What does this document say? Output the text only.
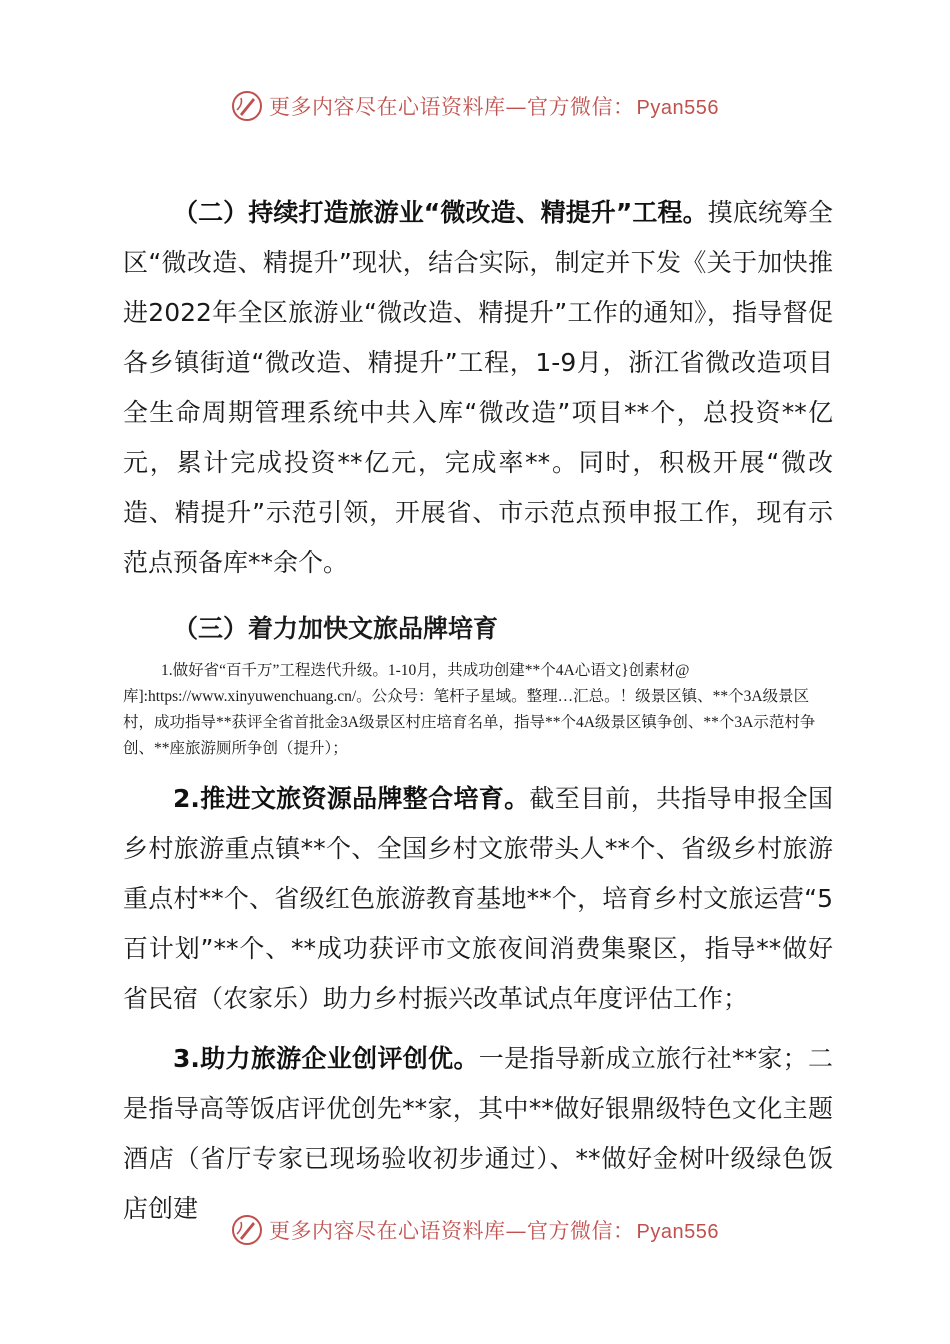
更多内容尽在心语资料库—官方微信： Pyan556

（二）持续打造旅游业“微改造、精提升”工程。摸底统筹全区“微改造、精提升”现状，结合实际，制定并下发《关于加快推进2022年全区旅游业“微改造、精提升”工作的通知》，指导督促各乡镇街道“微改造、精提升”工程，1-9月，浙江省微改造项目全生命周期管理系统中共入库“微改造”项目**个，总投资**亿元，累计完成投资**亿元，完成率**。同时，积极开展“微改造、精提升”示范引领，开展省、市示范点预申报工作，现有示范点预备库**余个。

（三）着力加快文旅品牌培育

1.做好省“百千万”工程迭代升级。1-10月，共成功创建**个4A心语文}创素材@库]:https://www.xinyuwenchuang.cn/。公众号：笔杆子星域。整理…汇总。！级景区镇、**个3A级景区村，成功指导**获评全省首批金3A级景区村庄培育名单，指导**个4A级景区镇争创、**个3A示范村争创、**座旅游厕所争创（提升）；

2.推进文旅资源品牌整合培育。截至目前，共指导申报全国乡村旅游重点镇**个、全国乡村文旅带头人**个、省级乡村旅游重点村**个、省级红色旅游教育基地**个，培育乡村文旅运营“5百计划”**个、**成功获评市文旅夜间消费集聚区，指导**做好省民宿（农家乐）助力乡村振兴改革试点年度评估工作；

3.助力旅游企业创评创优。一是指导新成立旅行社**家；二是指导高等饭店评优创先**家，其中**做好银鼎级特色文化主题酒店（省厅专家已现场验收初步通过）、**做好金树叶级绿色饭店创建

更多内容尽在心语资料库—官方微信： Pyan556
